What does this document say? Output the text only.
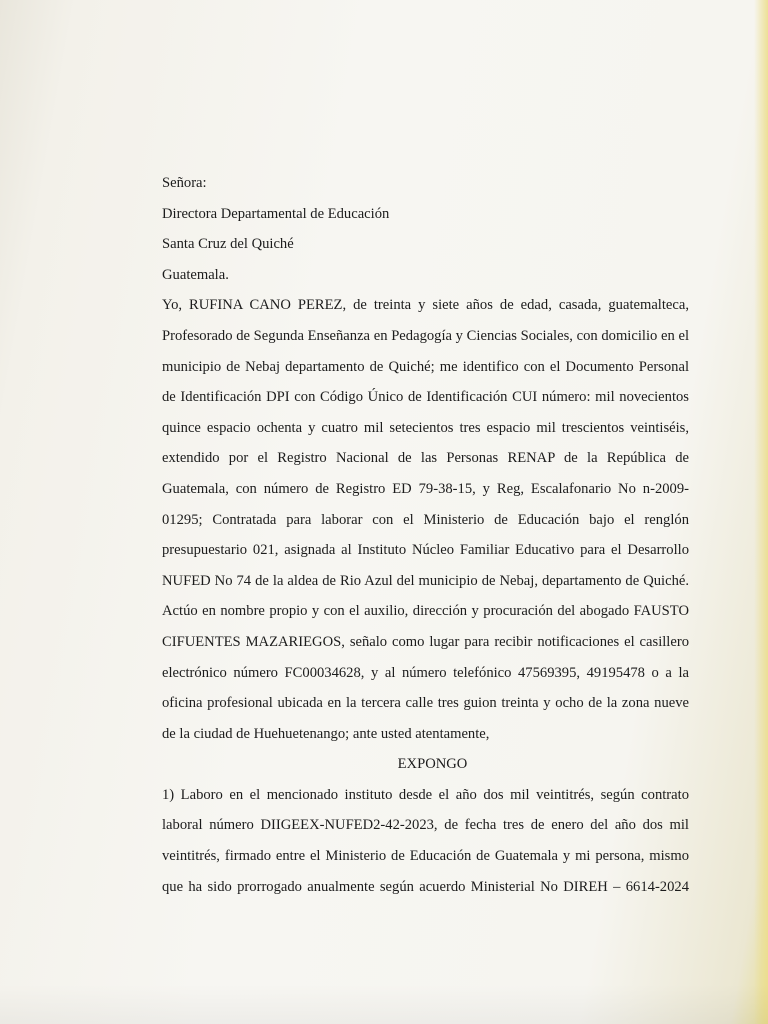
Señora:
Directora Departamental de Educación
Santa Cruz del Quiché
Guatemala.
Yo, RUFINA CANO PEREZ, de treinta y siete años de edad, casada, guatemalteca,
Profesorado de Segunda Enseñanza en Pedagogía y Ciencias Sociales, con domicilio en el
municipio de Nebaj departamento de Quiché; me identifico con el Documento Personal
de Identificación DPI con Código Único de Identificación CUI número: mil novecientos
quince espacio ochenta y cuatro mil setecientos tres espacio mil trescientos veintiséis,
extendido por el Registro Nacional de las Personas RENAP de la República de
Guatemala, con número de Registro ED 79-38-15, y Reg, Escalafonario No n-2009-
01295; Contratada para laborar con el Ministerio de Educación bajo el renglón
presupuestario 021, asignada al Instituto Núcleo Familiar Educativo para el Desarrollo
NUFED No 74 de la aldea de Rio Azul del municipio de Nebaj, departamento de Quiché.
Actúo en nombre propio y con el auxilio, dirección y procuración del abogado FAUSTO
CIFUENTES MAZARIEGOS, señalo como lugar para recibir notificaciones el casillero
electrónico número FC00034628, y al número telefónico 47569395, 49195478 o a la
oficina profesional ubicada en la tercera calle tres guion treinta y ocho de la zona nueve
de la ciudad de Huehuetenango; ante usted atentamente,
EXPONGO
1) Laboro en el mencionado instituto desde el año dos mil veintitrés, según contrato
laboral número DIIGEEX-NUFED2-42-2023, de fecha tres de enero del año dos mil
veintitrés, firmado entre el Ministerio de Educación de Guatemala y mi persona, mismo
que ha sido prorrogado anualmente según acuerdo Ministerial No DIREH – 6614-2024
